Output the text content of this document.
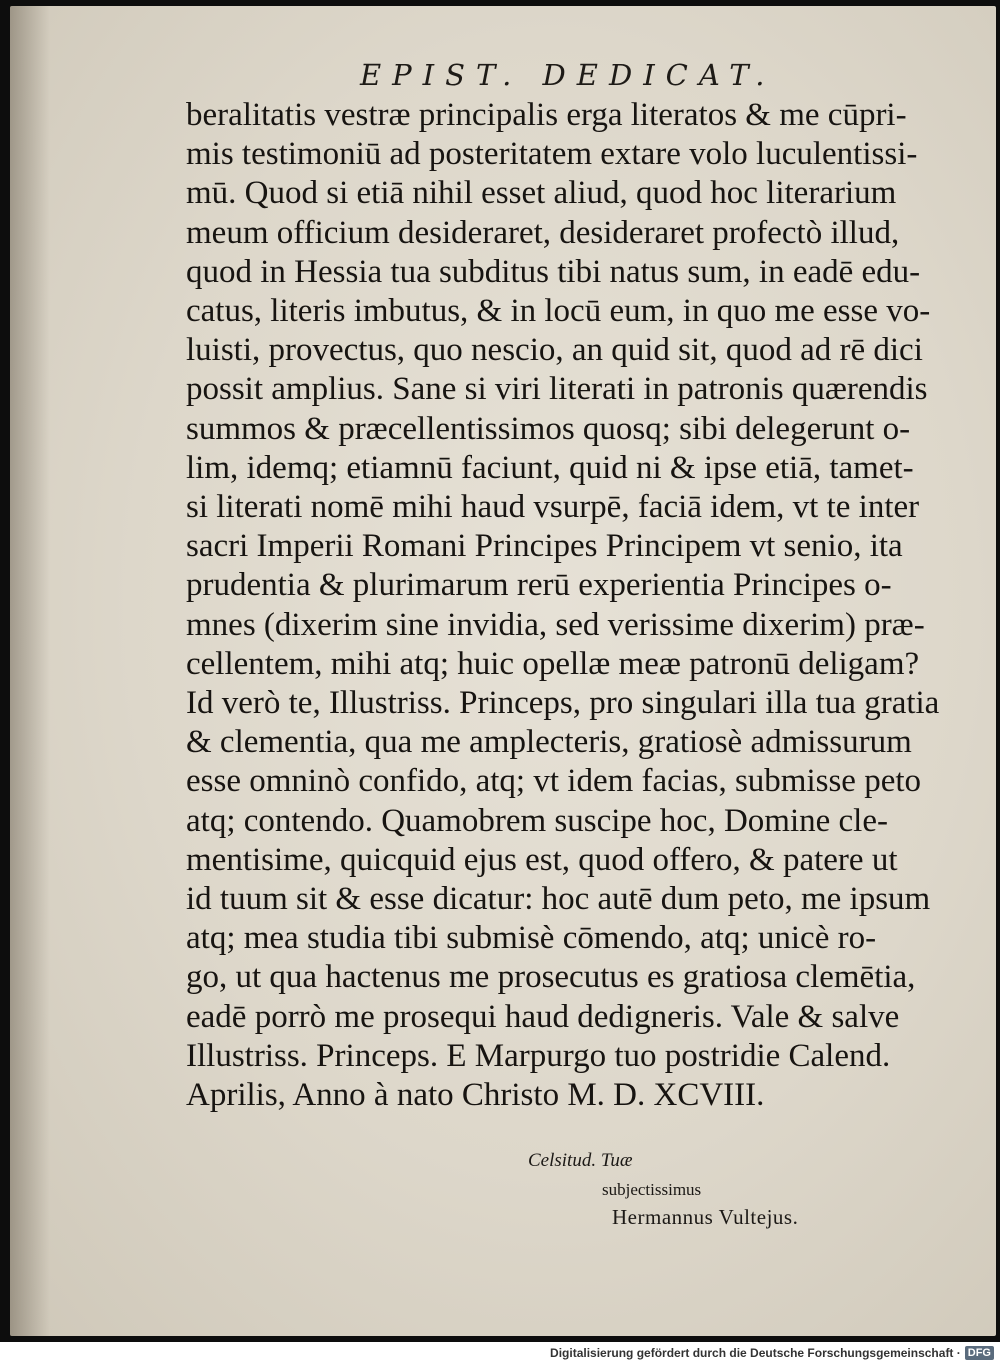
EPIST. DEDICAT.
beralitatis vestræ principalis erga literatos & me cūpri-
mis testimoniū ad posteritatem extare volo luculentissi-
mū. Quod si etiā nihil esset aliud, quod hoc literarium
meum officium desideraret, desideraret profectò illud,
quod in Hessia tua subditus tibi natus sum, in eadē edu-
catus, literis imbutus, & in locū eum, in quo me esse vo-
luisti, provectus, quo nescio, an quid sit, quod ad rē dici
possit amplius. Sane si viri literati in patronis quærendis
summos & præcellentissimos quosq; sibi delegerunt o-
lim, idemq; etiamnū faciunt, quid ni & ipse etiā, tamet-
si literati nomē mihi haud vsurpē, faciā idem, vt te inter
sacri Imperii Romani Principes Principem vt senio, ita
prudentia & plurimarum rerū experientia Principes o-
mnes (dixerim sine invidia, sed verissime dixerim) præ-
cellentem, mihi atq; huic opellæ meæ patronū deligam?
Id verò te, Illustriss. Princeps, pro singulari illa tua gratia
& clementia, qua me amplecteris, gratiosè admissurum
esse omninò confido, atq; vt idem facias, submisse peto
atq; contendo. Quamobrem suscipe hoc, Domine cle-
mentisime, quicquid ejus est, quod offero, & patere ut
id tuum sit & esse dicatur: hoc autē dum peto, me ipsum
atq; mea studia tibi submisè cōmendo, atq; unicè ro-
go, ut qua hactenus me prosecutus es gratiosa clemētia,
eadē porrò me prosequi haud dedigneris. Vale & salve
Illustriss. Princeps. E Marpurgo tuo postridie Calend.
Aprilis, Anno à nato Christo M. D. XCVIII.
Celsitud. Tuæ
subjectissimus
Hermannus Vultejus.
Digitalisierung gefördert durch die Deutsche Forschungsgemeinschaft · DFG
